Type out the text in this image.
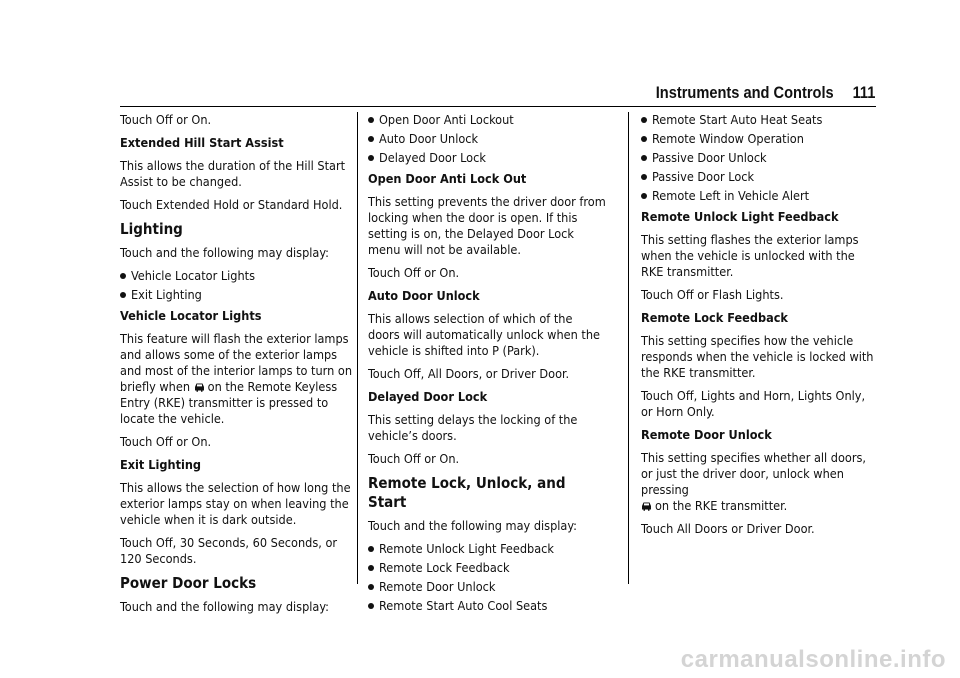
Instruments and Controls 111

Touch Off or On.

Extended Hill Start Assist

This allows the duration of the Hill Start Assist to be changed.

Touch Extended Hold or Standard Hold.

Lighting

Touch and the following may display:

Vehicle Locator Lights
Exit Lighting

Vehicle Locator Lights

This feature will flash the exterior lamps and allows some of the exterior lamps and most of the interior lamps to turn on briefly when on the Remote Keyless Entry (RKE) transmitter is pressed to locate the vehicle.

Touch Off or On.

Exit Lighting

This allows the selection of how long the exterior lamps stay on when leaving the vehicle when it is dark outside.

Touch Off, 30 Seconds, 60 Seconds, or 120 Seconds.

Power Door Locks

Touch and the following may display:

Open Door Anti Lockout
Auto Door Unlock
Delayed Door Lock

Open Door Anti Lock Out

This setting prevents the driver door from locking when the door is open. If this setting is on, the Delayed Door Lock menu will not be available.

Touch Off or On.

Auto Door Unlock

This allows selection of which of the doors will automatically unlock when the vehicle is shifted into P (Park).

Touch Off, All Doors, or Driver Door.

Delayed Door Lock

This setting delays the locking of the vehicle’s doors.

Touch Off or On.

Remote Lock, Unlock, and Start

Touch and the following may display:

Remote Unlock Light Feedback
Remote Lock Feedback
Remote Door Unlock
Remote Start Auto Cool Seats
Remote Start Auto Heat Seats
Remote Window Operation
Passive Door Unlock
Passive Door Lock
Remote Left in Vehicle Alert

Remote Unlock Light Feedback

This setting flashes the exterior lamps when the vehicle is unlocked with the RKE transmitter.

Touch Off or Flash Lights.

Remote Lock Feedback

This setting specifies how the vehicle responds when the vehicle is locked with the RKE transmitter.

Touch Off, Lights and Horn, Lights Only, or Horn Only.

Remote Door Unlock

This setting specifies whether all doors, or just the driver door, unlock when pressing
on the RKE transmitter.

Touch All Doors or Driver Door.

carmanualsonline.info
